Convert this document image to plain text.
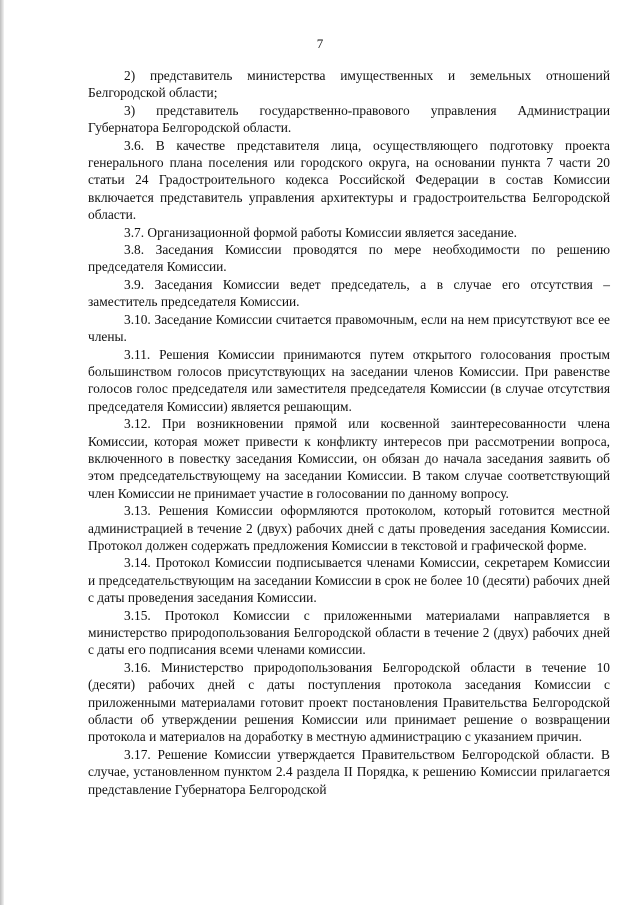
7

2) представитель министерства имущественных и земельных отношений Белгородской области;

3) представитель государственно-правового управления Администрации Губернатора Белгородской области.

3.6. В качестве представителя лица, осуществляющего подготовку проекта генерального плана поселения или городского округа, на основании пункта 7 части 20 статьи 24 Градостроительного кодекса Российской Федерации в состав Комиссии включается представитель управления архитектуры и градостроительства Белгородской области.

3.7. Организационной формой работы Комиссии является заседание.

3.8. Заседания Комиссии проводятся по мере необходимости по решению председателя Комиссии.

3.9. Заседания Комиссии ведет председатель, а в случае его отсутствия – заместитель председателя Комиссии.

3.10. Заседание Комиссии считается правомочным, если на нем присутствуют все ее члены.

3.11. Решения Комиссии принимаются путем открытого голосования простым большинством голосов присутствующих на заседании членов Комиссии. При равенстве голосов голос председателя или заместителя председателя Комиссии (в случае отсутствия председателя Комиссии) является решающим.

3.12. При возникновении прямой или косвенной заинтересованности члена Комиссии, которая может привести к конфликту интересов при рассмотрении вопроса, включенного в повестку заседания Комиссии, он обязан до начала заседания заявить об этом председательствующему на заседании Комиссии. В таком случае соответствующий член Комиссии не принимает участие в голосовании по данному вопросу.

3.13. Решения Комиссии оформляются протоколом, который готовится местной администрацией в течение 2 (двух) рабочих дней с даты проведения заседания Комиссии. Протокол должен содержать предложения Комиссии в текстовой и графической форме.

3.14. Протокол Комиссии подписывается членами Комиссии, секретарем Комиссии и председательствующим на заседании Комиссии в срок не более 10 (десяти) рабочих дней с даты проведения заседания Комиссии.

3.15. Протокол Комиссии с приложенными материалами направляется в министерство природопользования Белгородской области в течение 2 (двух) рабочих дней с даты его подписания всеми членами комиссии.

3.16. Министерство природопользования Белгородской области в течение 10 (десяти) рабочих дней с даты поступления протокола заседания Комиссии с приложенными материалами готовит проект постановления Правительства Белгородской области об утверждении решения Комиссии или принимает решение о возвращении протокола и материалов на доработку в местную администрацию с указанием причин.

3.17. Решение Комиссии утверждается Правительством Белгородской области. В случае, установленном пунктом 2.4 раздела II Порядка, к решению Комиссии прилагается представление Губернатора Белгородской
